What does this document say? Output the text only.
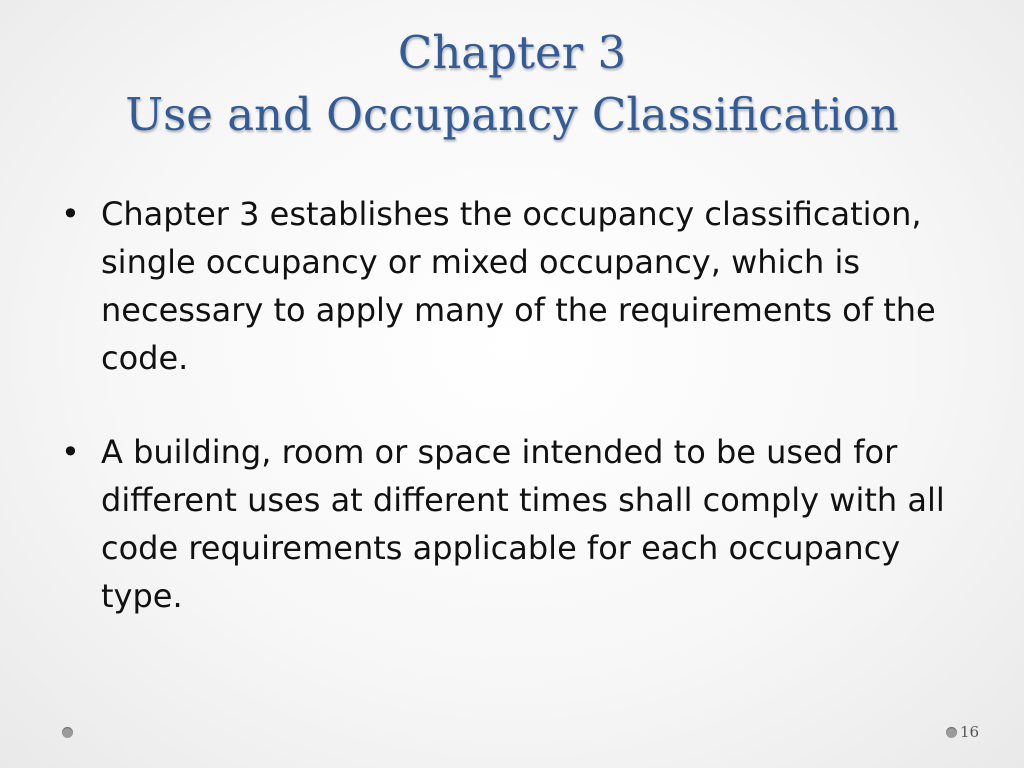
Chapter 3
Use and Occupancy Classification
• Chapter 3 establishes the occupancy classification, single occupancy or mixed occupancy, which is necessary to apply many of the requirements of the code.
• A building, room or space intended to be used for different uses at different times shall comply with all code requirements applicable for each occupancy type.
16
